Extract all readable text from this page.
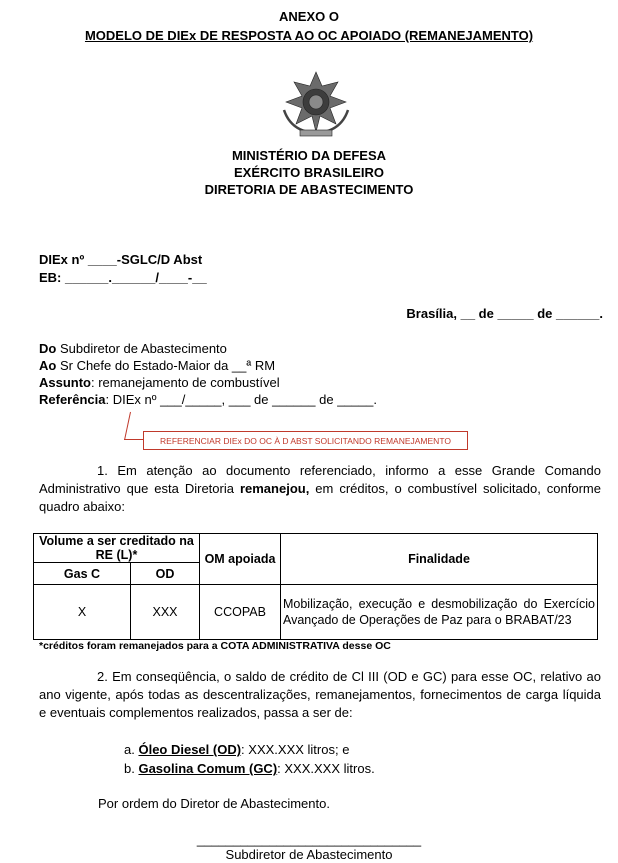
ANEXO O
MODELO DE DIEx DE RESPOSTA AO OC APOIADO (REMANEJAMENTO)
MINISTÉRIO DA DEFESA
EXÉRCITO BRASILEIRO
DIRETORIA DE ABASTECIMENTO
DIEx nº ____-SGLC/D Abst
EB: ______.______/____-__
Brasília, __ de _____ de ______.
Do Subdiretor de Abastecimento
Ao Sr Chefe do Estado-Maior da __ª RM
Assunto: remanejamento de combustível
Referência: DIEx nº ___/_____, ___ de ______ de _____.
REFERENCIAR DIEx DO OC À D ABST SOLICITANDO REMANEJAMENTO
1. Em atenção ao documento referenciado, informo a esse Grande Comando Administrativo que esta Diretoria remanejou, em créditos, o combustível solicitado, conforme quadro abaixo:
Volume a ser creditado na RE (L)*		OM apoiada	Finalidade
Gas C	OD		
X	XXX	CCOPAB	Mobilização, execução e desmobilização do Exercício Avançado de Operações de Paz para o BRABAT/23
*créditos foram remanejados para a COTA ADMINISTRATIVA desse OC
2. Em conseqüência, o saldo de crédito de Cl III (OD e GC) para esse OC, relativo ao ano vigente, após todas as descentralizações, remanejamentos, fornecimentos de carga líquida e eventuais complementos realizados, passa a ser de:
a. Óleo Diesel (OD): XXX.XXX litros; e
b. Gasolina Comum (GC): XXX.XXX litros.
Por ordem do Diretor de Abastecimento.
_______________________________
Subdiretor de Abastecimento
